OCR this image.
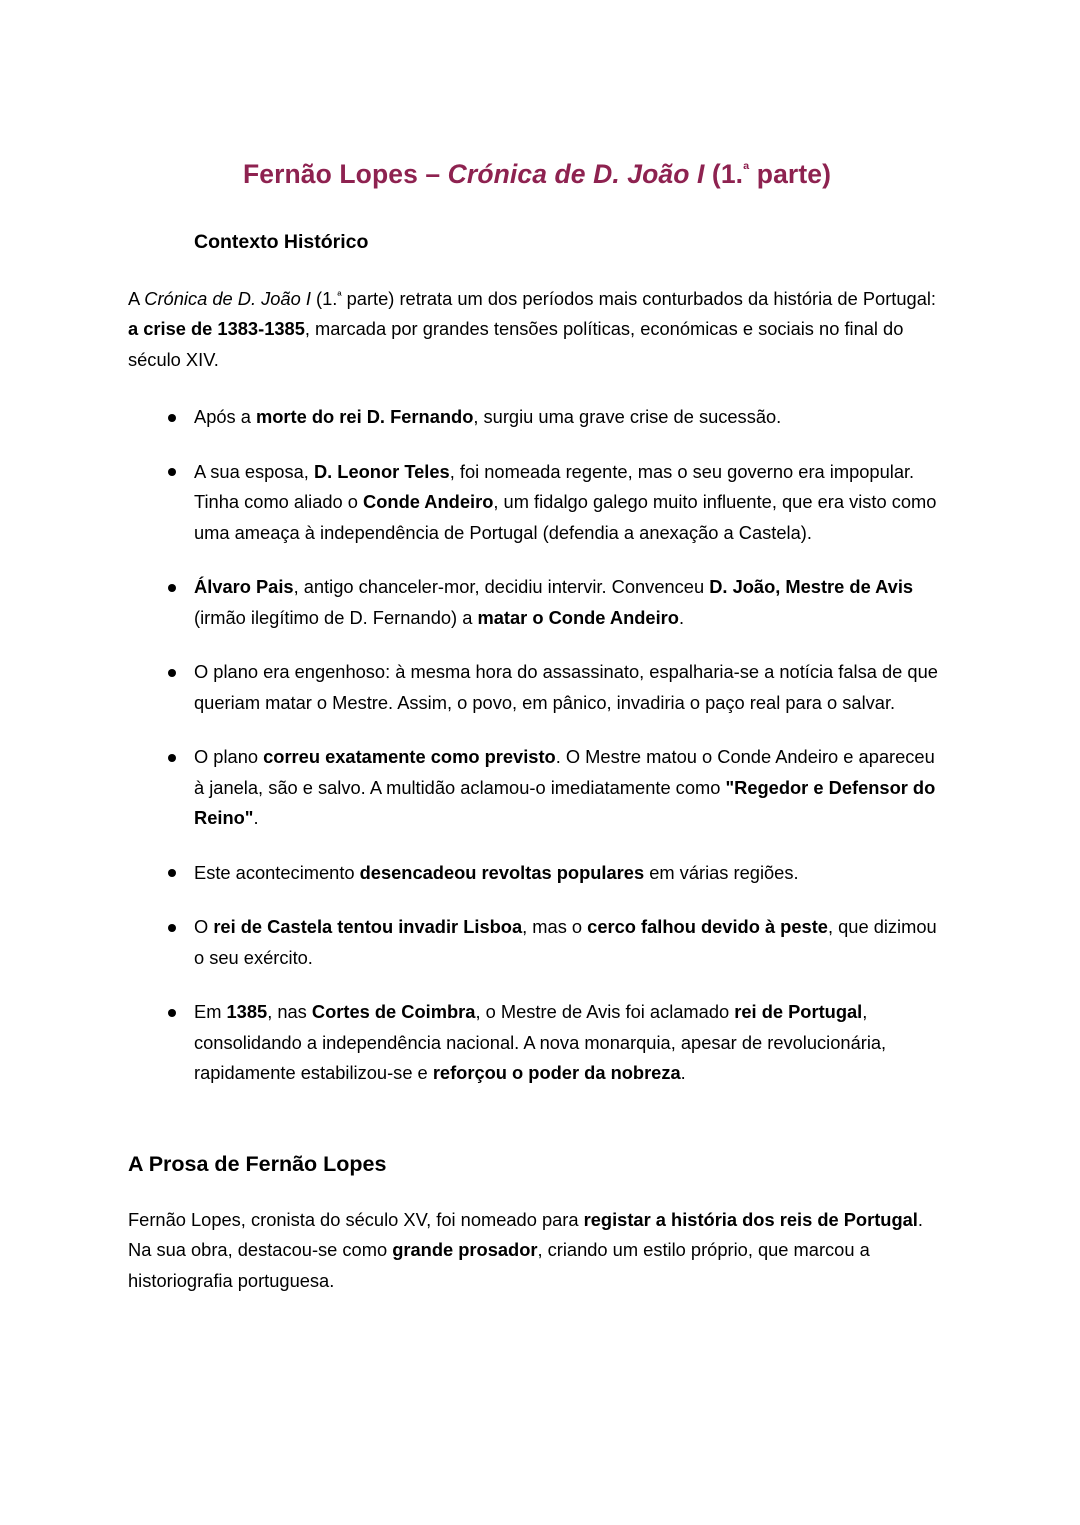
Fernão Lopes – Crónica de D. João I (1.$^ª$ parte)
Contexto Histórico

A Crónica de D. João I (1.$^ª$ parte) retrata um dos períodos mais conturbados da história de Portugal: a crise de 1383-1385, marcada por grandes tensões políticas, económicas e sociais no final do século XIV.

Após a morte do rei D. Fernando, surgiu uma grave crise de sucessão.
A sua esposa, D. Leonor Teles, foi nomeada regente, mas o seu governo era impopular.
Tinha como aliado o Conde Andeiro, um fidalgo galego muito influente, que era visto como uma ameaça à independência de Portugal (defendia a anexação a Castela).
Álvaro Pais, antigo chanceler-mor, decidiu intervir. Convenceu D. João, Mestre de Avis (irmão ilegítimo de D. Fernando) a matar o Conde Andeiro.
O plano era engenhoso: à mesma hora do assassinato, espalharia-se a notícia falsa de que queriam matar o Mestre. Assim, o povo, em pânico, invadiria o paço real para o salvar.
O plano correu exatamente como previsto. O Mestre matou o Conde Andeiro e apareceu à janela, são e salvo. A multidão aclamou-o imediatamente como "Regedor e Defensor do Reino".
Este acontecimento desencadeou revoltas populares em várias regiões.
O rei de Castela tentou invadir Lisboa, mas o cerco falhou devido à peste, que dizimou o seu exército.
Em 1385, nas Cortes de Coimbra, o Mestre de Avis foi aclamado rei de Portugal, consolidando a independência nacional. A nova monarquia, apesar de revolucionária, rapidamente estabilizou-se e reforçou o poder da nobreza.
A Prosa de Fernão Lopes

Fernão Lopes, cronista do século XV, foi nomeado para registar a história dos reis de Portugal. Na sua obra, destacou-se como grande prosador, criando um estilo próprio, que marcou a historiografia portuguesa.
